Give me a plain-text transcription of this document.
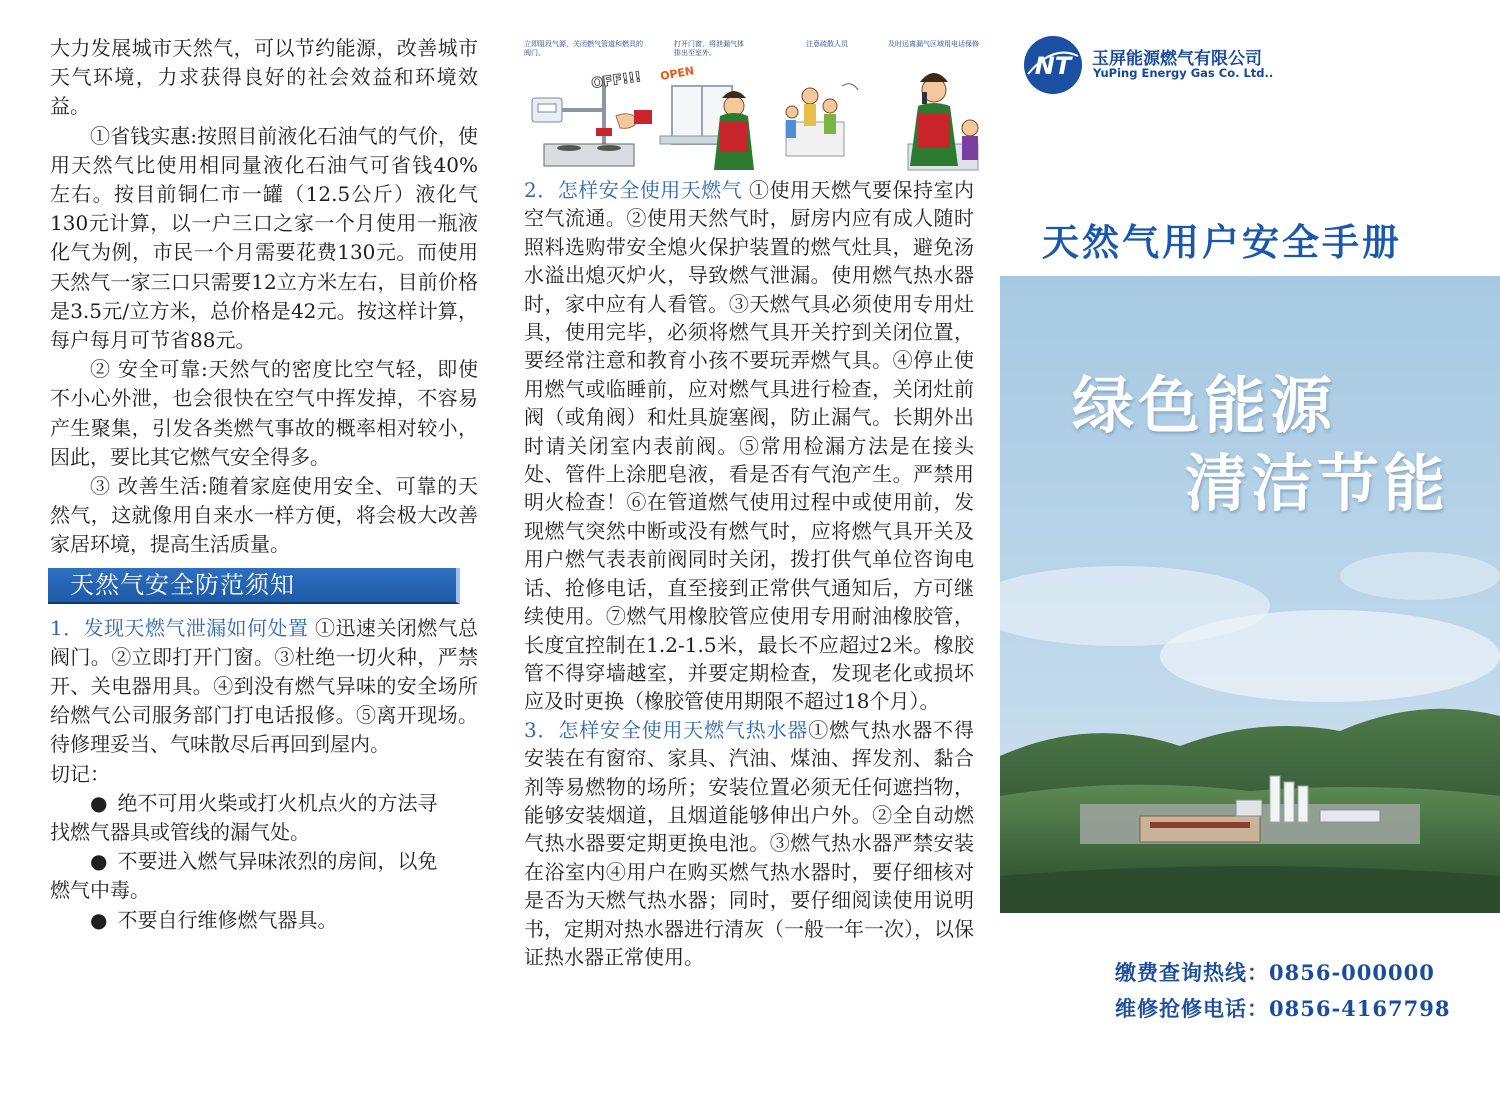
大力发展城市天然气，可以节约能源，改善城市天气环境，力求获得良好的社会效益和环境效益。

①省钱实惠:按照目前液化石油气的气价，使用天然气比使用相同量液化石油气可省钱40% 左右。按目前铜仁市一罐（12.5公斤）液化气130元计算，以一户三口之家一个月使用一瓶液化气为例，市民一个月需要花费130元。而使用天然气一家三口只需要12立方米左右，目前价格是3.5元/立方米，总价格是42元。按这样计算，每户每月可节省88元。

② 安全可靠:天然气的密度比空气轻，即使不小心外泄，也会很快在空气中挥发掉，不容易产生聚集，引发各类燃气事故的概率相对较小，因此，要比其它燃气安全得多。

③ 改善生活:随着家庭使用安全、可靠的天然气，这就像用自来水一样方便，将会极大改善家居环境，提高生活质量。

天然气安全防范须知

1．发现天燃气泄漏如何处置 ①迅速关闭燃气总阀门。②立即打开门窗。③杜绝一切火种，严禁开、关电器用具。④到没有燃气异味的安全场所给燃气公司服务部门打电话报修。⑤离开现场。待修理妥当、气味散尽后再回到屋内。

切记：

● 绝不可用火柴或打火机点火的方法寻

找燃气器具或管线的漏气处。

● 不要进入燃气异味浓烈的房间，以免

燃气中毒。

● 不要自行维修燃气器具。

立即阻段气源，关闭燃气管道和燃具的阀门。
打开门窗，将泄漏气体排出至室外。
注意疏散人员	及时远离漏气区域用电话保修
OFF!!! OPEN

2．怎样安全使用天燃气 ①使用天燃气要保持室内空气流通。②使用天然气时，厨房内应有成人随时照料选购带安全熄火保护装置的燃气灶具，避免汤水溢出熄灭炉火，导致燃气泄漏。使用燃气热水器时，家中应有人看管。③天燃气具必须使用专用灶具，使用完毕，必须将燃气具开关拧到关闭位置，要经常注意和教育小孩不要玩弄燃气具。④停止使用燃气或临睡前，应对燃气具进行检查，关闭灶前阀（或角阀）和灶具旋塞阀，防止漏气。长期外出时请关闭室内表前阀。⑤常用检漏方法是在接头处、管件上涂肥皂液，看是否有气泡产生。严禁用明火检查！⑥在管道燃气使用过程中或使用前，发现燃气突然中断或没有燃气时，应将燃气具开关及用户燃气表表前阀同时关闭，拨打供气单位咨询电话、抢修电话，直至接到正常供气通知后，方可继续使用。⑦燃气用橡胶管应使用专用耐油橡胶管，长度宜控制在1.2-1.5米，最长不应超过2米。橡胶管不得穿墙越室，并要定期检查，发现老化或损坏应及时更换（橡胶管使用期限不超过18个月）。

3．怎样安全使用天燃气热水器①燃气热水器不得安装在有窗帘、家具、汽油、煤油、挥发剂、黏合剂等易燃物的场所；安装位置必须无任何遮挡物，能够安装烟道，且烟道能够伸出户外。②全自动燃气热水器要定期更换电池。③燃气热水器严禁安装在浴室内④用户在购买燃气热水器时，要仔细核对是否为天燃气热水器；同时，要仔细阅读使用说明书，定期对热水器进行清灰（一般一年一次），以保证热水器正常使用。

NT 玉屏能源燃气有限公司
YuPing Energy Gas Co. Ltd..
天然气用户安全手册
绿色能源
清洁节能
缴费查询热线：0856-000000
维修抢修电话：0856-4167798
